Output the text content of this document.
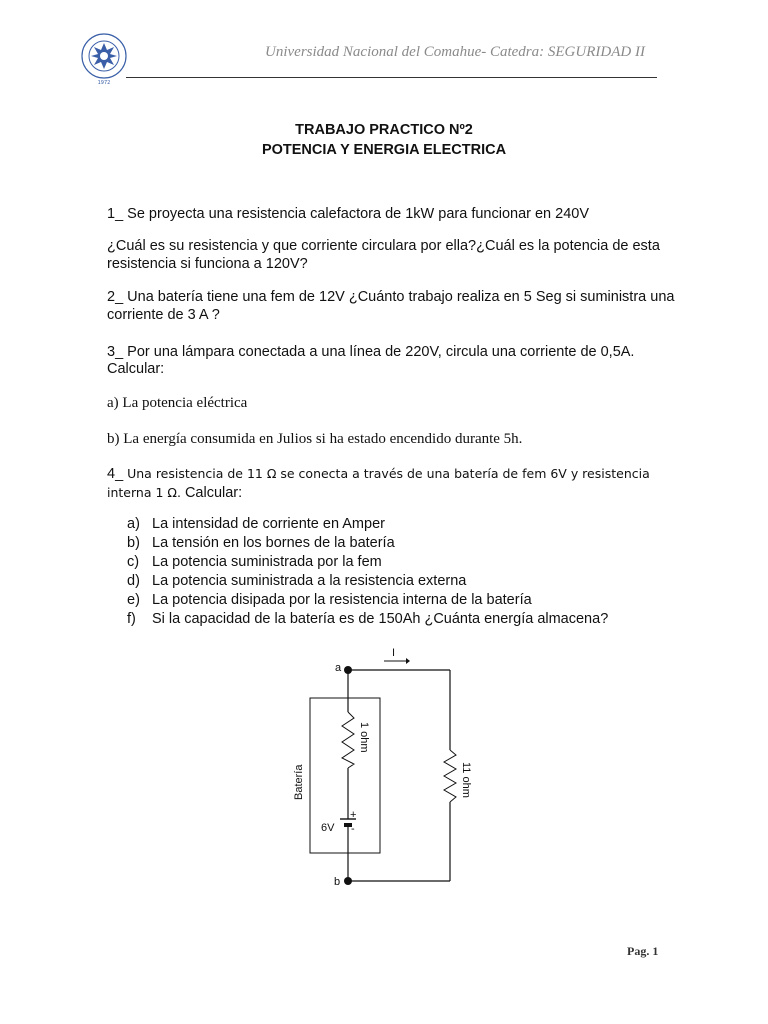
1972
Universidad Nacional del Comahue- Catedra: SEGURIDAD II
TRABAJO PRACTICO Nº2
POTENCIA Y ENERGIA ELECTRICA
1_ Se proyecta una resistencia calefactora de 1kW para funcionar en 240V
¿Cuál es su resistencia y que corriente circulara por ella?¿Cuál es la potencia de esta
resistencia si funciona a 120V?
2_ Una batería tiene una fem de 12V ¿Cuánto trabajo realiza en 5 Seg si suministra una
corriente de 3 A ?
3_ Por una lámpara conectada a una línea de 220V, circula una corriente de 0,5A.
Calcular:
a) La potencia eléctrica
b) La energía consumida en Julios si ha estado encendido durante 5h.
4_ Una resistencia de 11 Ω se conecta a través de una batería de fem 6V y resistencia
interna 1 Ω. Calcular:
a) La intensidad de corriente en Amper
b) La tensión en los bornes de la batería
c) La potencia suministrada por la fem
d) La potencia suministrada a la resistencia externa
e) La potencia disipada por la resistencia interna de la batería
f) Si la capacidad de la batería es de 150Ah ¿Cuánta energía almacena?
a
b
I
+
-
6V
1 ohm
11 ohm
Batería
Pag. 1
